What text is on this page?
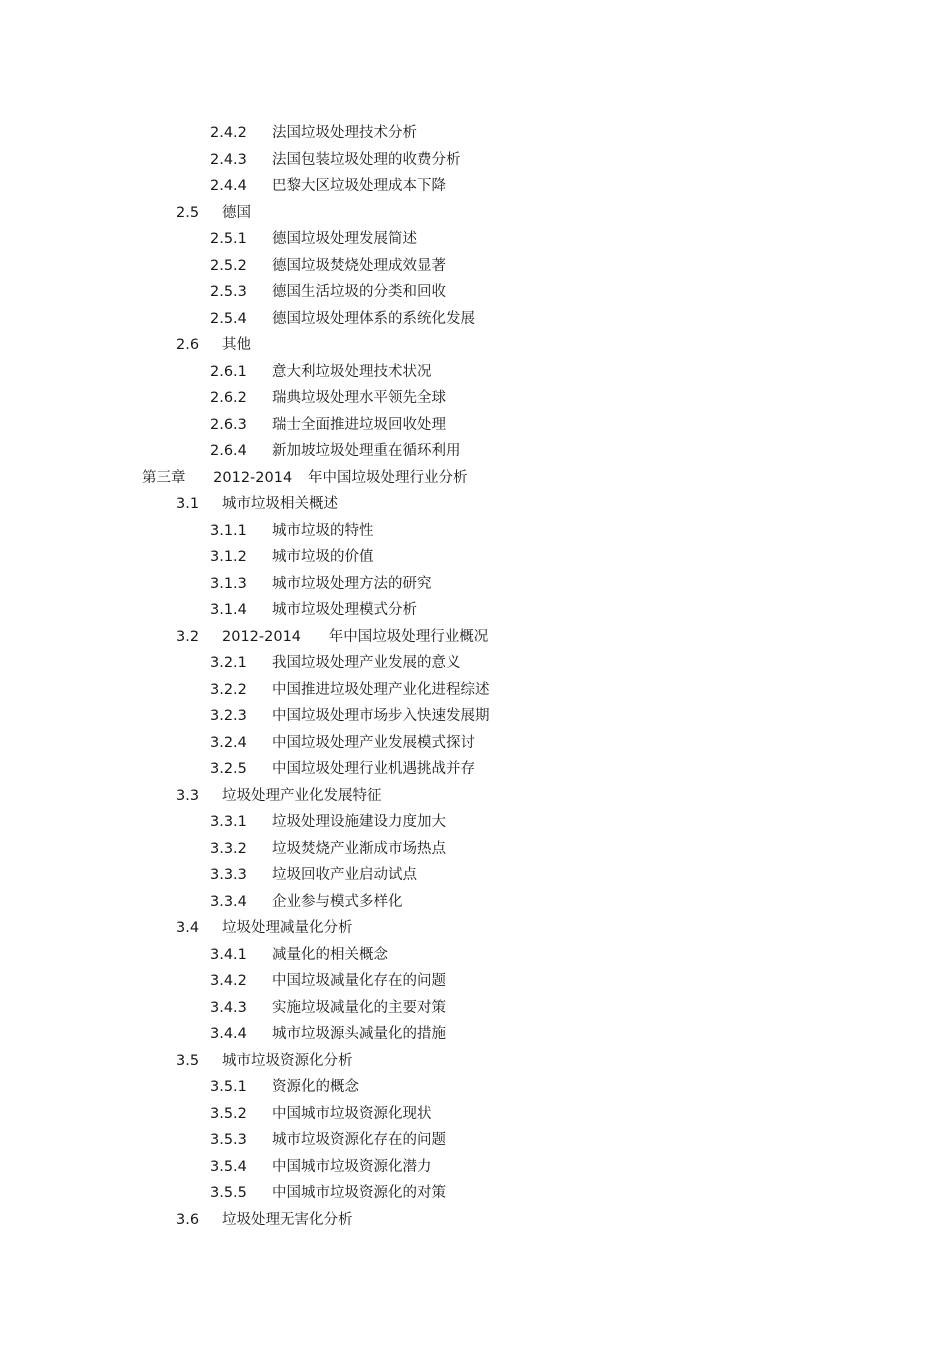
2.4.2 法国垃圾处理技术分析
2.4.3 法国包装垃圾处理的收费分析
2.4.4 巴黎大区垃圾处理成本下降
2.5 德国
2.5.1 德国垃圾处理发展简述
2.5.2 德国垃圾焚烧处理成效显著
2.5.3 德国生活垃圾的分类和回收
2.5.4 德国垃圾处理体系的系统化发展
2.6 其他
2.6.1 意大利垃圾处理技术状况
2.6.2 瑞典垃圾处理水平领先全球
2.6.3 瑞士全面推进垃圾回收处理
2.6.4 新加坡垃圾处理重在循环利用
第三章      2012-2014 年中国垃圾处理行业分析
3.1 城市垃圾相关概述
3.1.1 城市垃圾的特性
3.1.2 城市垃圾的价值
3.1.3 城市垃圾处理方法的研究
3.1.4 城市垃圾处理模式分析
3.2 2012-2014      年中国垃圾处理行业概况
3.2.1 我国垃圾处理产业发展的意义
3.2.2 中国推进垃圾处理产业化进程综述
3.2.3 中国垃圾处理市场步入快速发展期
3.2.4 中国垃圾处理产业发展模式探讨
3.2.5 中国垃圾处理行业机遇挑战并存
3.3 垃圾处理产业化发展特征
3.3.1 垃圾处理设施建设力度加大
3.3.2 垃圾焚烧产业渐成市场热点
3.3.3 垃圾回收产业启动试点
3.3.4 企业参与模式多样化
3.4 垃圾处理减量化分析
3.4.1 减量化的相关概念
3.4.2 中国垃圾减量化存在的问题
3.4.3 实施垃圾减量化的主要对策
3.4.4 城市垃圾源头减量化的措施
3.5 城市垃圾资源化分析
3.5.1 资源化的概念
3.5.2 中国城市垃圾资源化现状
3.5.3 城市垃圾资源化存在的问题
3.5.4 中国城市垃圾资源化潜力
3.5.5 中国城市垃圾资源化的对策
3.6 垃圾处理无害化分析
